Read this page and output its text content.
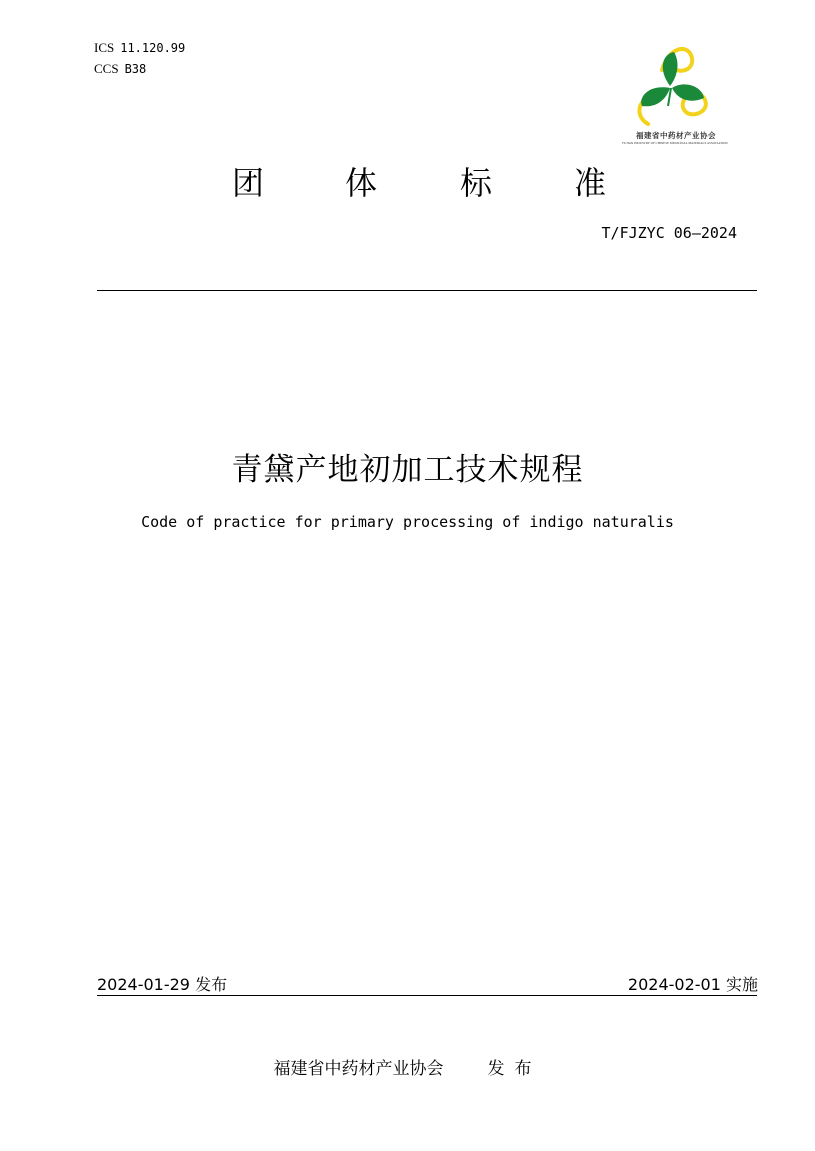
ICS 11.120.99
CCS B38
福建省中药材产业协会
FUJIAN INDUSTRY OF CHINESE MEDICINAL MATERIALS ASSOCIATION
团	体	标	准
T/FJZYC 06—2024
青黛产地初加工技术规程
Code of practice for primary processing of indigo naturalis
2024-01-29 发布	2024-02-01 实施
福建省中药材产业协会	发布
